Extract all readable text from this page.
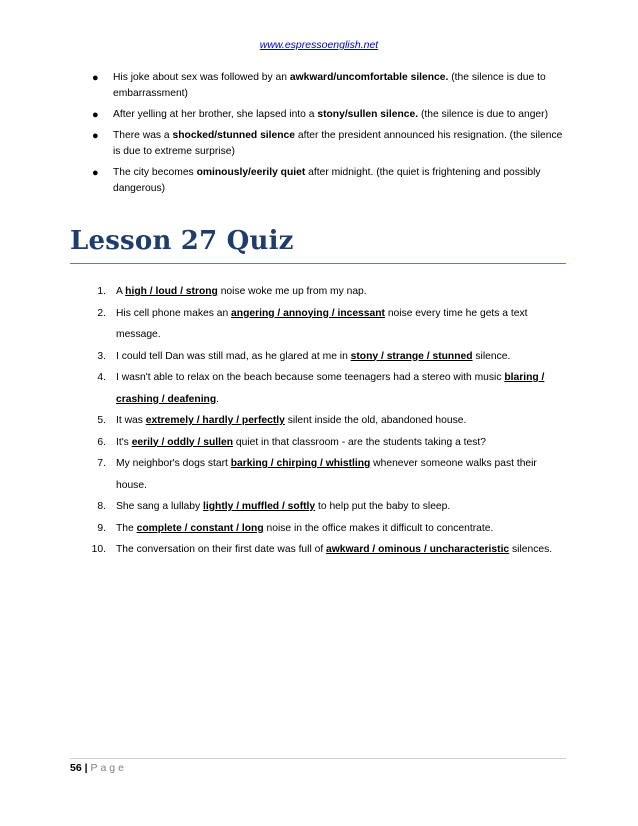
www.espressoenglish.net
● His joke about sex was followed by an awkward/uncomfortable silence. (the silence is due to embarrassment)
● After yelling at her brother, she lapsed into a stony/sullen silence. (the silence is due to anger)
● There was a shocked/stunned silence after the president announced his resignation. (the silence is due to extreme surprise)
● The city becomes ominously/eerily quiet after midnight. (the quiet is frightening and possibly dangerous)
Lesson 27 Quiz
1. A high / loud / strong noise woke me up from my nap.
2. His cell phone makes an angering / annoying / incessant noise every time he gets a text message.
3. I could tell Dan was still mad, as he glared at me in stony / strange / stunned silence.
4. I wasn't able to relax on the beach because some teenagers had a stereo with music blaring / crashing / deafening.
5. It was extremely / hardly / perfectly silent inside the old, abandoned house.
6. It's eerily / oddly / sullen quiet in that classroom - are the students taking a test?
7. My neighbor's dogs start barking / chirping / whistling whenever someone walks past their house.
8. She sang a lullaby lightly / muffled / softly to help put the baby to sleep.
9. The complete / constant / long noise in the office makes it difficult to concentrate.
10. The conversation on their first date was full of awkward / ominous / uncharacteristic silences.
56 | Page
